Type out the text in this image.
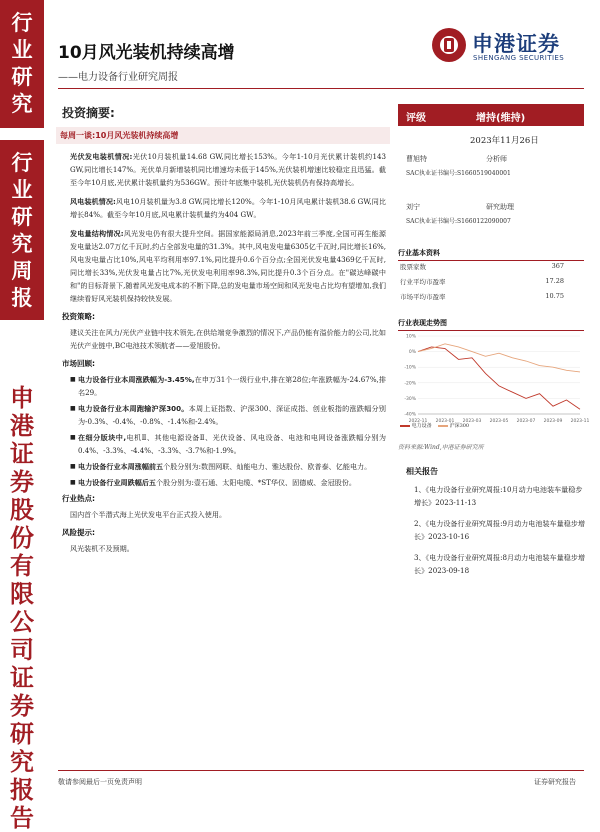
行业研究
行业研究周报
申港证券股份有限公司证券研究报告
10月风光装机持续高增
——电力设备行业研究周报
申港证券
SHENGANG SECURITIES
投资摘要:
每周一谈:10月风光装机持续高增
光伏发电装机情况:光伏10月装机量14.68 GW,同比增长153%。今年1-10月光伏累计装机约143 GW,同比增长147%。光伏单月新增装机同比增速均未低于145%,光伏装机增速比较稳定且迅猛。截至今年10月底,光伏累计装机量约为536GW。预计年底集中装机,光伏装机仍有保持高增长。
风电装机情况:风电10月装机量为3.8 GW,同比增长120%。今年1-10月风电累计装机38.6 GW,同比增长84%。截至今年10月底,风电累计装机量约为404 GW。
发电量结构情况:风光发电仍有很大提升空间。据国家能源局消息,2023年前三季度,全国可再生能源发电量达2.07万亿千瓦时,约占全部发电量的31.3%。其中,风电发电量6305亿千瓦时,同比增长16%,风电发电量占比10%,风电平均利用率97.1%,同比提升0.6个百分点;全国光伏发电量4369亿千瓦时,同比增长33%,光伏发电量占比7%,光伏发电利用率98.3%,同比提升0.3个百分点。在"碳达峰碳中和"的目标背景下,随着风光发电成本的不断下降,总的发电量市场空间和风光发电占比均有望增加,我们继续看好风光装机保持较快发展。
投资策略:
建议关注在风力/光伏产业链中技术领先,在供给端竞争激烈的情况下,产品仍能有溢价能力的公司,比如光伏产业链中,BC电池技术领航者——爱旭股份。
市场回顾:
■ 电力设备行业本周涨跌幅为-3.45%,在申万31个一级行业中,排在第28位;年涨跌幅为-24.67%,排名29。
■ 电力设备行业本周跑输沪深300。本周上证指数、沪深300、深证成指、创业板指的涨跌幅分别为-0.3%、-0.4%、-0.8%、-1.4%和-2.4%。
■ 在细分版块中,电机Ⅱ、其他电源设备Ⅱ、光伏设备、风电设备、电池和电网设备涨跌幅分别为0.4%、-3.3%、-4.4%、-3.3%、-3.7%和-1.9%。
■ 电力设备行业本周涨幅前五个股分别为:数图网联、灿能电力、雅达股份、欧普泰、亿能电力。
■ 电力设备行业周跌幅后五个股分别为:壹石通、太阳电缆、*ST华仪、固德威、金冠股份。
行业热点:
国内首个半潜式海上光伏发电平台正式投入使用。
风险提示:
风光装机不及预期。
评级	增持(维持)
2023年11月26日
曹旭特	分析师
SAC执业证书编号:S1660519040001
刘宁	研究助理
SAC执业证书编号:S1660122090007
行业基本资料
股票家数	367
行业平均市盈率	17.28
市场平均市盈率	10.75
行业表现走势图
10%
0%
-10%
-20%
-30%
-40%
2022-11 2023-01 2023-03 2023-05 2023-07 2023-09 2023-11
电力设备	沪深300
资料来源:Wind,申港证券研究所
相关报告
1、《电力设备行业研究周报:10月动力电池装车量稳步增长》2023-11-13
2、《电力设备行业研究周报:9月动力电池装车量稳步增长》2023-10-16
3、《电力设备行业研究周报:8月动力电池装车量稳步增长》2023-09-18
敬请参阅最后一页免责声明	证券研究报告
